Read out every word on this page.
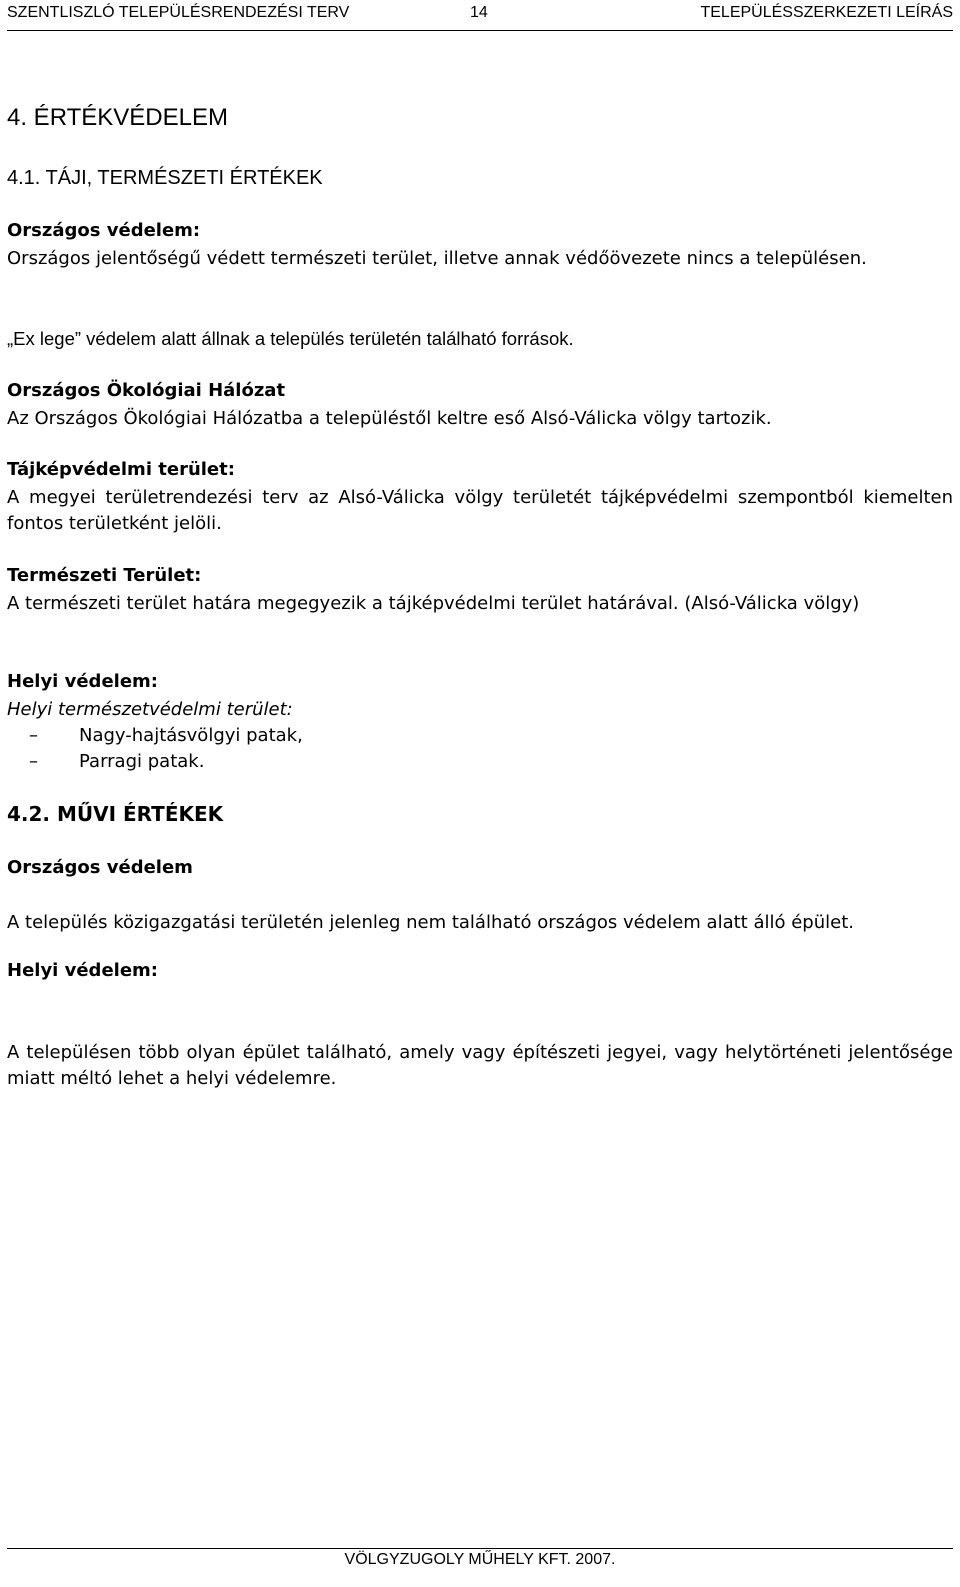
SZENTLISZLÓ TELEPÜLÉSRENDEZÉSI TERV	14	TELEPÜLÉSSZERKEZETI LEÍRÁS
4. ÉRTÉKVÉDELEM
4.1. TÁJI, TERMÉSZETI ÉRTÉKEK
Országos védelem:
Országos jelentőségű védett természeti terület, illetve annak védőövezete nincs a településen.
„Ex lege” védelem alatt állnak a település területén található források.
Országos Ökológiai Hálózat
Az Országos Ökológiai Hálózatba a településtől keltre eső Alsó-Válicka völgy tartozik.
Tájképvédelmi terület:
A megyei területrendezési terv az Alsó-Válicka völgy területét tájképvédelmi szempontból kiemelten fontos területként jelöli.
Természeti Terület:
A természeti terület határa megegyezik a tájképvédelmi terület határával. (Alsó-Válicka völgy)
Helyi védelem:
Helyi természetvédelmi terület:
– Nagy-hajtásvölgyi patak,
– Parragi patak.
4.2. MŰVI ÉRTÉKEK
Országos védelem
A település közigazgatási területén jelenleg nem található országos védelem alatt álló épület.
Helyi védelem:
A településen több olyan épület található, amely vagy építészeti jegyei, vagy helytörténeti jelentősége miatt méltó lehet a helyi védelemre.
VÖLGYZUGOLY MŰHELY KFT. 2007.
